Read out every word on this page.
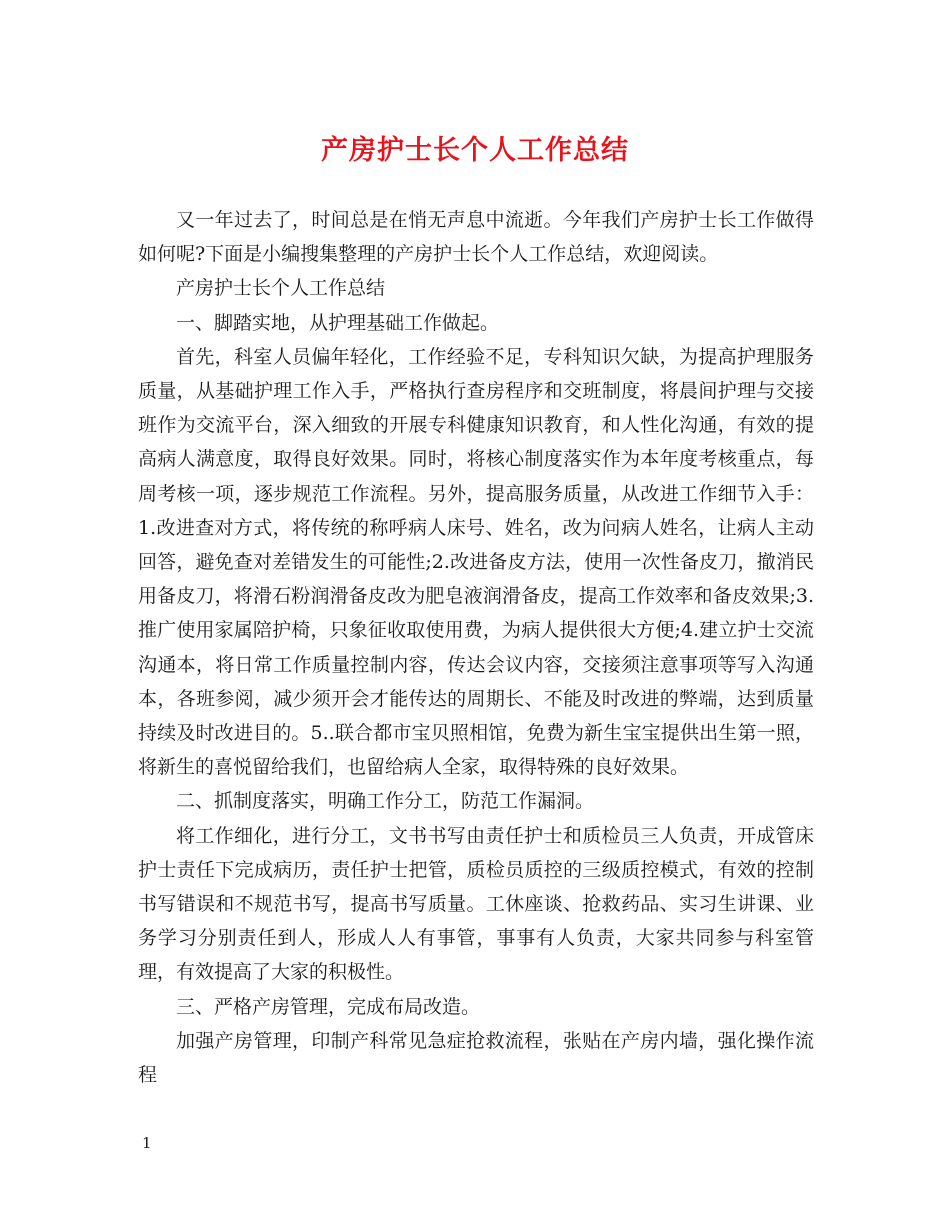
产房护士长个人工作总结

又一年过去了，时间总是在悄无声息中流逝。今年我们产房护士长工作做得如何呢?下面是小编搜集整理的产房护士长个人工作总结，欢迎阅读。

产房护士长个人工作总结

一、脚踏实地，从护理基础工作做起。

首先，科室人员偏年轻化，工作经验不足，专科知识欠缺，为提高护理服务质量，从基础护理工作入手，严格执行查房程序和交班制度，将晨间护理与交接班作为交流平台，深入细致的开展专科健康知识教育，和人性化沟通，有效的提高病人满意度，取得良好效果。同时，将核心制度落实作为本年度考核重点，每周考核一项，逐步规范工作流程。另外，提高服务质量，从改进工作细节入手：1.改进查对方式，将传统的称呼病人床号、姓名，改为问病人姓名，让病人主动回答，避免查对差错发生的可能性;2.改进备皮方法，使用一次性备皮刀，撤消民用备皮刀，将滑石粉润滑备皮改为肥皂液润滑备皮，提高工作效率和备皮效果;3.推广使用家属陪护椅，只象征收取使用费，为病人提供很大方便;4.建立护士交流沟通本，将日常工作质量控制内容，传达会议内容，交接须注意事项等写入沟通本，各班参阅，减少须开会才能传达的周期长、不能及时改进的弊端，达到质量持续及时改进目的。5..联合都市宝贝照相馆，免费为新生宝宝提供出生第一照，将新生的喜悦留给我们，也留给病人全家，取得特殊的良好效果。

二、抓制度落实，明确工作分工，防范工作漏洞。

将工作细化，进行分工，文书书写由责任护士和质检员三人负责，开成管床护士责任下完成病历，责任护士把管，质检员质控的三级质控模式，有效的控制书写错误和不规范书写，提高书写质量。工休座谈、抢救药品、实习生讲课、业务学习分别责任到人，形成人人有事管，事事有人负责，大家共同参与科室管理，有效提高了大家的积极性。

三、严格产房管理，完成布局改造。

加强产房管理，印制产科常见急症抢救流程，张贴在产房内墙，强化操作流程

1
